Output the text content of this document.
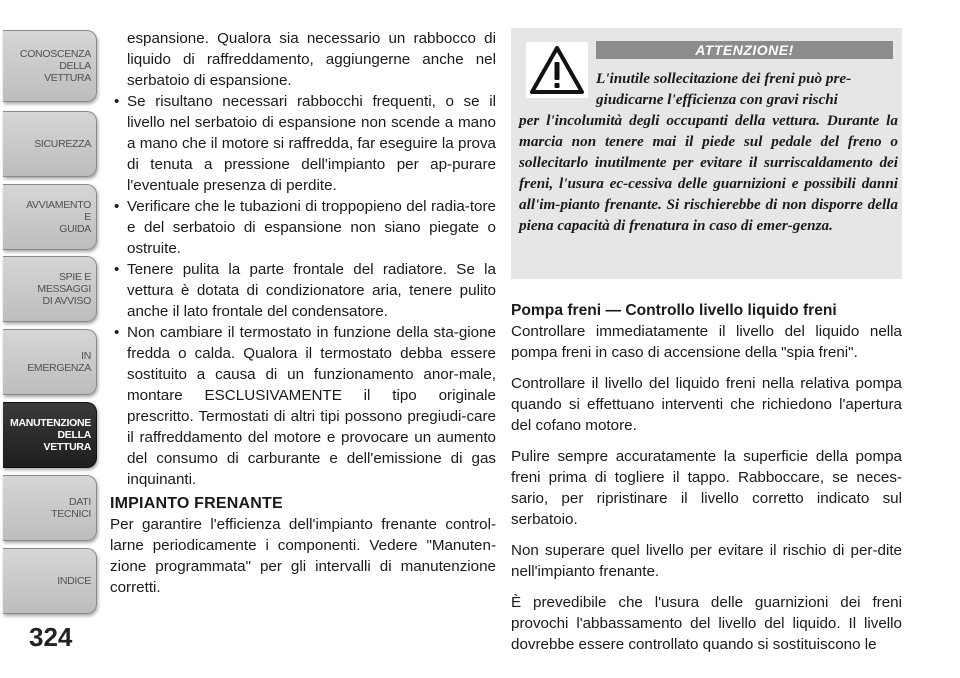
CONOSCENZA
DELLA
VETTURA
SICUREZZA
AVVIAMENTO
E
GUIDA
SPIE E
MESSAGGI
DI AVVISO
IN
EMERGENZA
MANUTENZIONE
DELLA
VETTURA
DATI
TECNICI
INDICE
324

espansione. Qualora sia necessario un rabbocco di liquido di raffreddamento, aggiungerne anche nel serbatoio di espansione.

• Se risultano necessari rabbocchi frequenti, o se il livello nel serbatoio di espansione non scende a mano a mano che il motore si raffredda, far eseguire la prova di tenuta a pressione dell'impianto per ap-purare l'eventuale presenza di perdite.
• Verificare che le tubazioni di troppopieno del radia-tore e del serbatoio di espansione non siano piegate o ostruite.
• Tenere pulita la parte frontale del radiatore. Se la vettura è dotata di condizionatore aria, tenere pulito anche il lato frontale del condensatore.
• Non cambiare il termostato in funzione della sta-gione fredda o calda. Qualora il termostato debba essere sostituito a causa di un funzionamento anor-male, montare ESCLUSIVAMENTE il tipo originale prescritto. Termostati di altri tipi possono pregiudi-care il raffreddamento del motore e provocare un aumento del consumo di carburante e dell'emissione di gas inquinanti.
IMPIANTO FRENANTE

Per garantire l'efficienza dell'impianto frenante control-larne periodicamente i componenti. Vedere "Manuten-zione programmata" per gli intervalli di manutenzione corretti.

ATTENZIONE!
L'inutile sollecitazione dei freni può pre-
giudicarne l'efficienza con gravi rischi
per l'incolumità degli occupanti della vettura. Durante la marcia non tenere mai il piede sul pedale del freno o sollecitarlo inutilmente per evitare il surriscaldamento dei freni, l'usura ec-cessiva delle guarnizioni e possibili danni all'im-pianto frenante. Si rischierebbe di non disporre della piena capacità di frenatura in caso di emer-genza.
Pompa freni — Controllo livello liquido freni

Controllare immediatamente il livello del liquido nella pompa freni in caso di accensione della "spia freni".

Controllare il livello del liquido freni nella relativa pompa quando si effettuano interventi che richiedono l'apertura del cofano motore.

Pulire sempre accuratamente la superficie della pompa freni prima di togliere il tappo. Rabboccare, se neces-sario, per ripristinare il livello corretto indicato sul serbatoio.

Non superare quel livello per evitare il rischio di per-dite nell'impianto frenante.

È prevedibile che l'usura delle guarnizioni dei freni provochi l'abbassamento del livello del liquido. Il livello dovrebbe essere controllato quando si sostituiscono le
